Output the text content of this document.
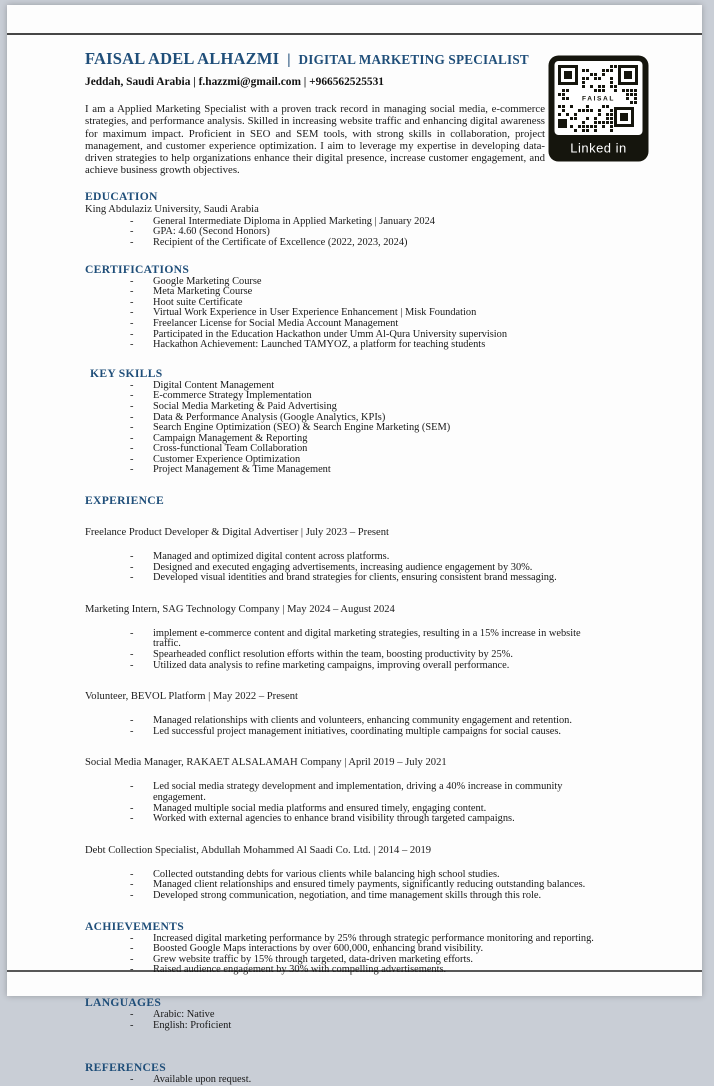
FAISAL ADEL ALHAZMI | DIGITAL MARKETING SPECIALIST
Jeddah, Saudi Arabia | f.hazzmi@gmail.com | +966562525531

I am a Applied Marketing Specialist with a proven track record in managing social media, e-commerce strategies, and performance analysis. Skilled in increasing website traffic and enhancing digital awareness for maximum impact. Proficient in SEO and SEM tools, with strong skills in collaboration, project management, and customer experience optimization. I aim to leverage my expertise in developing data-driven strategies to help organizations enhance their digital presence, increase customer engagement, and achieve business growth objectives.

EDUCATION
King Abdulaziz University, Saudi Arabia
- General Intermediate Diploma in Applied Marketing | January 2024
- GPA: 4.60 (Second Honors)
- Recipient of the Certificate of Excellence (2022, 2023, 2024)
CERTIFICATIONS
- Google Marketing Course
- Meta Marketing Course
- Hoot suite Certificate
- Virtual Work Experience in User Experience Enhancement | Misk Foundation
- Freelancer License for Social Media Account Management
- Participated in the Education Hackathon under Umm Al-Qura University supervision
- Hackathon Achievement: Launched TAMYOZ, a platform for teaching students
KEY SKILLS
- Digital Content Management
- E-commerce Strategy Implementation
- Social Media Marketing & Paid Advertising
- Data & Performance Analysis (Google Analytics, KPIs)
- Search Engine Optimization (SEO) & Search Engine Marketing (SEM)
- Campaign Management & Reporting
- Cross-functional Team Collaboration
- Customer Experience Optimization
- Project Management & Time Management
EXPERIENCE
Freelance Product Developer & Digital Advertiser | July 2023 – Present
- Managed and optimized digital content across platforms.
- Designed and executed engaging advertisements, increasing audience engagement by 30%.
- Developed visual identities and brand strategies for clients, ensuring consistent brand messaging.
Marketing Intern, SAG Technology Company | May 2024 – August 2024
- implement e-commerce content and digital marketing strategies, resulting in a 15% increase in website traffic.
- Spearheaded conflict resolution efforts within the team, boosting productivity by 25%.
- Utilized data analysis to refine marketing campaigns, improving overall performance.
Volunteer, BEVOL Platform | May 2022 – Present
- Managed relationships with clients and volunteers, enhancing community engagement and retention.
- Led successful project management initiatives, coordinating multiple campaigns for social causes.
Social Media Manager, RAKAET ALSALAMAH Company | April 2019 – July 2021
- Led social media strategy development and implementation, driving a 40% increase in community engagement.
- Managed multiple social media platforms and ensured timely, engaging content.
- Worked with external agencies to enhance brand visibility through targeted campaigns.
Debt Collection Specialist, Abdullah Mohammed Al Saadi Co. Ltd. | 2014 – 2019
- Collected outstanding debts for various clients while balancing high school studies.
- Managed client relationships and ensured timely payments, significantly reducing outstanding balances.
- Developed strong communication, negotiation, and time management skills through this role.
ACHIEVEMENTS
- Increased digital marketing performance by 25% through strategic performance monitoring and reporting.
- Boosted Google Maps interactions by over 600,000, enhancing brand visibility.
- Grew website traffic by 15% through targeted, data-driven marketing efforts.
- Raised audience engagement by 30% with compelling advertisements.
LANGUAGES
- Arabic: Native
- English: Proficient
REFERENCES
- Available upon request.
FAISAL
Linked in
